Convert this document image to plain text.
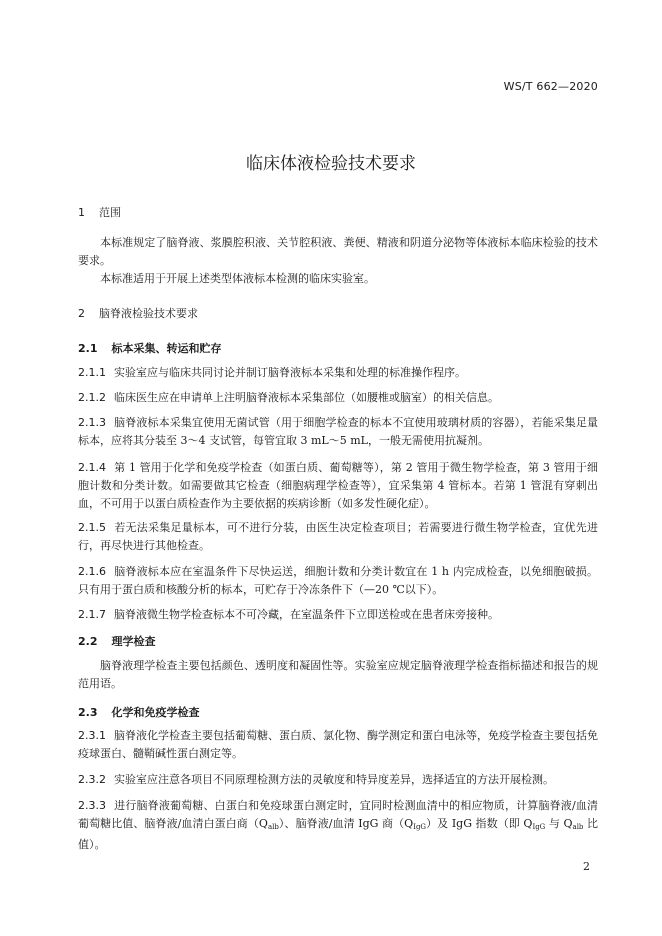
WS/T 662—2020
临床体液检验技术要求
1 范围
本标准规定了脑脊液、浆膜腔积液、关节腔积液、粪便、精液和阴道分泌物等体液标本临床检验的技术要求。
本标准适用于开展上述类型体液标本检测的临床实验室。
2 脑脊液检验技术要求
2.1 标本采集、转运和贮存
2.1.1 实验室应与临床共同讨论并制订脑脊液标本采集和处理的标准操作程序。
2.1.2 临床医生应在申请单上注明脑脊液标本采集部位（如腰椎或脑室）的相关信息。
2.1.3 脑脊液标本采集宜使用无菌试管（用于细胞学检查的标本不宜使用玻璃材质的容器），若能采集足量标本，应将其分装至 3～4 支试管，每管宜取 3 mL～5 mL，一般无需使用抗凝剂。
2.1.4 第 1 管用于化学和免疫学检查（如蛋白质、葡萄糖等），第 2 管用于微生物学检查，第 3 管用于细胞计数和分类计数。如需要做其它检查（细胞病理学检查等），宜采集第 4 管标本。若第 1 管混有穿刺出血，不可用于以蛋白质检查作为主要依据的疾病诊断（如多发性硬化症）。
2.1.5 若无法采集足量标本，可不进行分装，由医生决定检查项目；若需要进行微生物学检查，宜优先进行，再尽快进行其他检查。
2.1.6 脑脊液标本应在室温条件下尽快运送，细胞计数和分类计数宜在 1 h 内完成检查，以免细胞破损。只有用于蛋白质和核酸分析的标本，可贮存于冷冻条件下（—20 ℃以下）。
2.1.7 脑脊液微生物学检查标本不可冷藏，在室温条件下立即送检或在患者床旁接种。
2.2 理学检查
脑脊液理学检查主要包括颜色、透明度和凝固性等。实验室应规定脑脊液理学检查指标描述和报告的规范用语。
2.3 化学和免疫学检查
2.3.1 脑脊液化学检查主要包括葡萄糖、蛋白质、氯化物、酶学测定和蛋白电泳等，免疫学检查主要包括免疫球蛋白、髓鞘碱性蛋白测定等。
2.3.2 实验室应注意各项目不同原理检测方法的灵敏度和特异度差异，选择适宜的方法开展检测。
2.3.3 进行脑脊液葡萄糖、白蛋白和免疫球蛋白测定时，宜同时检测血清中的相应物质，计算脑脊液/血清葡萄糖比值、脑脊液/血清白蛋白商$(Q_{alb})$、脑脊液/血清 IgG 商$(Q_{IgG})$及 IgG 指数（即 $Q_{IgG}$ 与 $Q_{alb}$ 比值）。
2
